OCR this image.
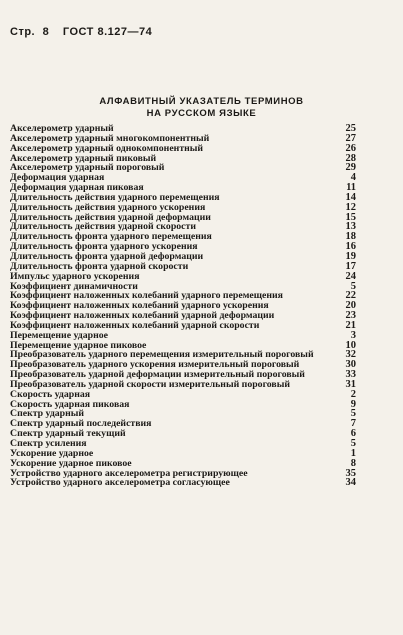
Стр. 8 ГОСТ 8.127—74
АЛФАВИТНЫЙ УКАЗАТЕЛЬ ТЕРМИНОВ
НА РУССКОМ ЯЗЫКЕ
Акселерометр ударный	25
Акселерометр ударный многокомпонентный	27
Акселерометр ударный однокомпонентный	26
Акселерометр ударный пиковый	28
Акселерометр ударный пороговый	29
Деформация ударная	4
Деформация ударная пиковая	11
Длительность действия ударного перемещения	14
Длительность действия ударного ускорения	12
Длительность действия ударной деформации	15
Длительность действия ударной скорости	13
Длительность фронта ударного перемещения	18
Длительность фронта ударного ускорения	16
Длительность фронта ударной деформации	19
Длительность фронта ударной скорости	17
Импульс ударного ускорения	24
Коэффициент динамичности	5
Коэффициент наложенных колебаний ударного перемещения	22
Коэффициент наложенных колебаний ударного ускорения	20
Коэффициент наложенных колебаний ударной деформации	23
Коэффициент наложенных колебаний ударной скорости	21
Перемещение ударное	3
Перемещение ударное пиковое	10
Преобразователь ударного перемещения измерительный пороговый	32
Преобразователь ударного ускорения измерительный пороговый	30
Преобразователь ударной деформации измерительный пороговый	33
Преобразователь ударной скорости измерительный пороговый	31
Скорость ударная	2
Скорость ударная пиковая	9
Спектр ударный	5
Спектр ударный последействия	7
Спектр ударный текущий	6
Спектр усиления	5
Ускорение ударное	1
Ускорение ударное пиковое	8
Устройство ударного акселерометра регистрирующее	35
Устройство ударного акселерометра согласующее	34
